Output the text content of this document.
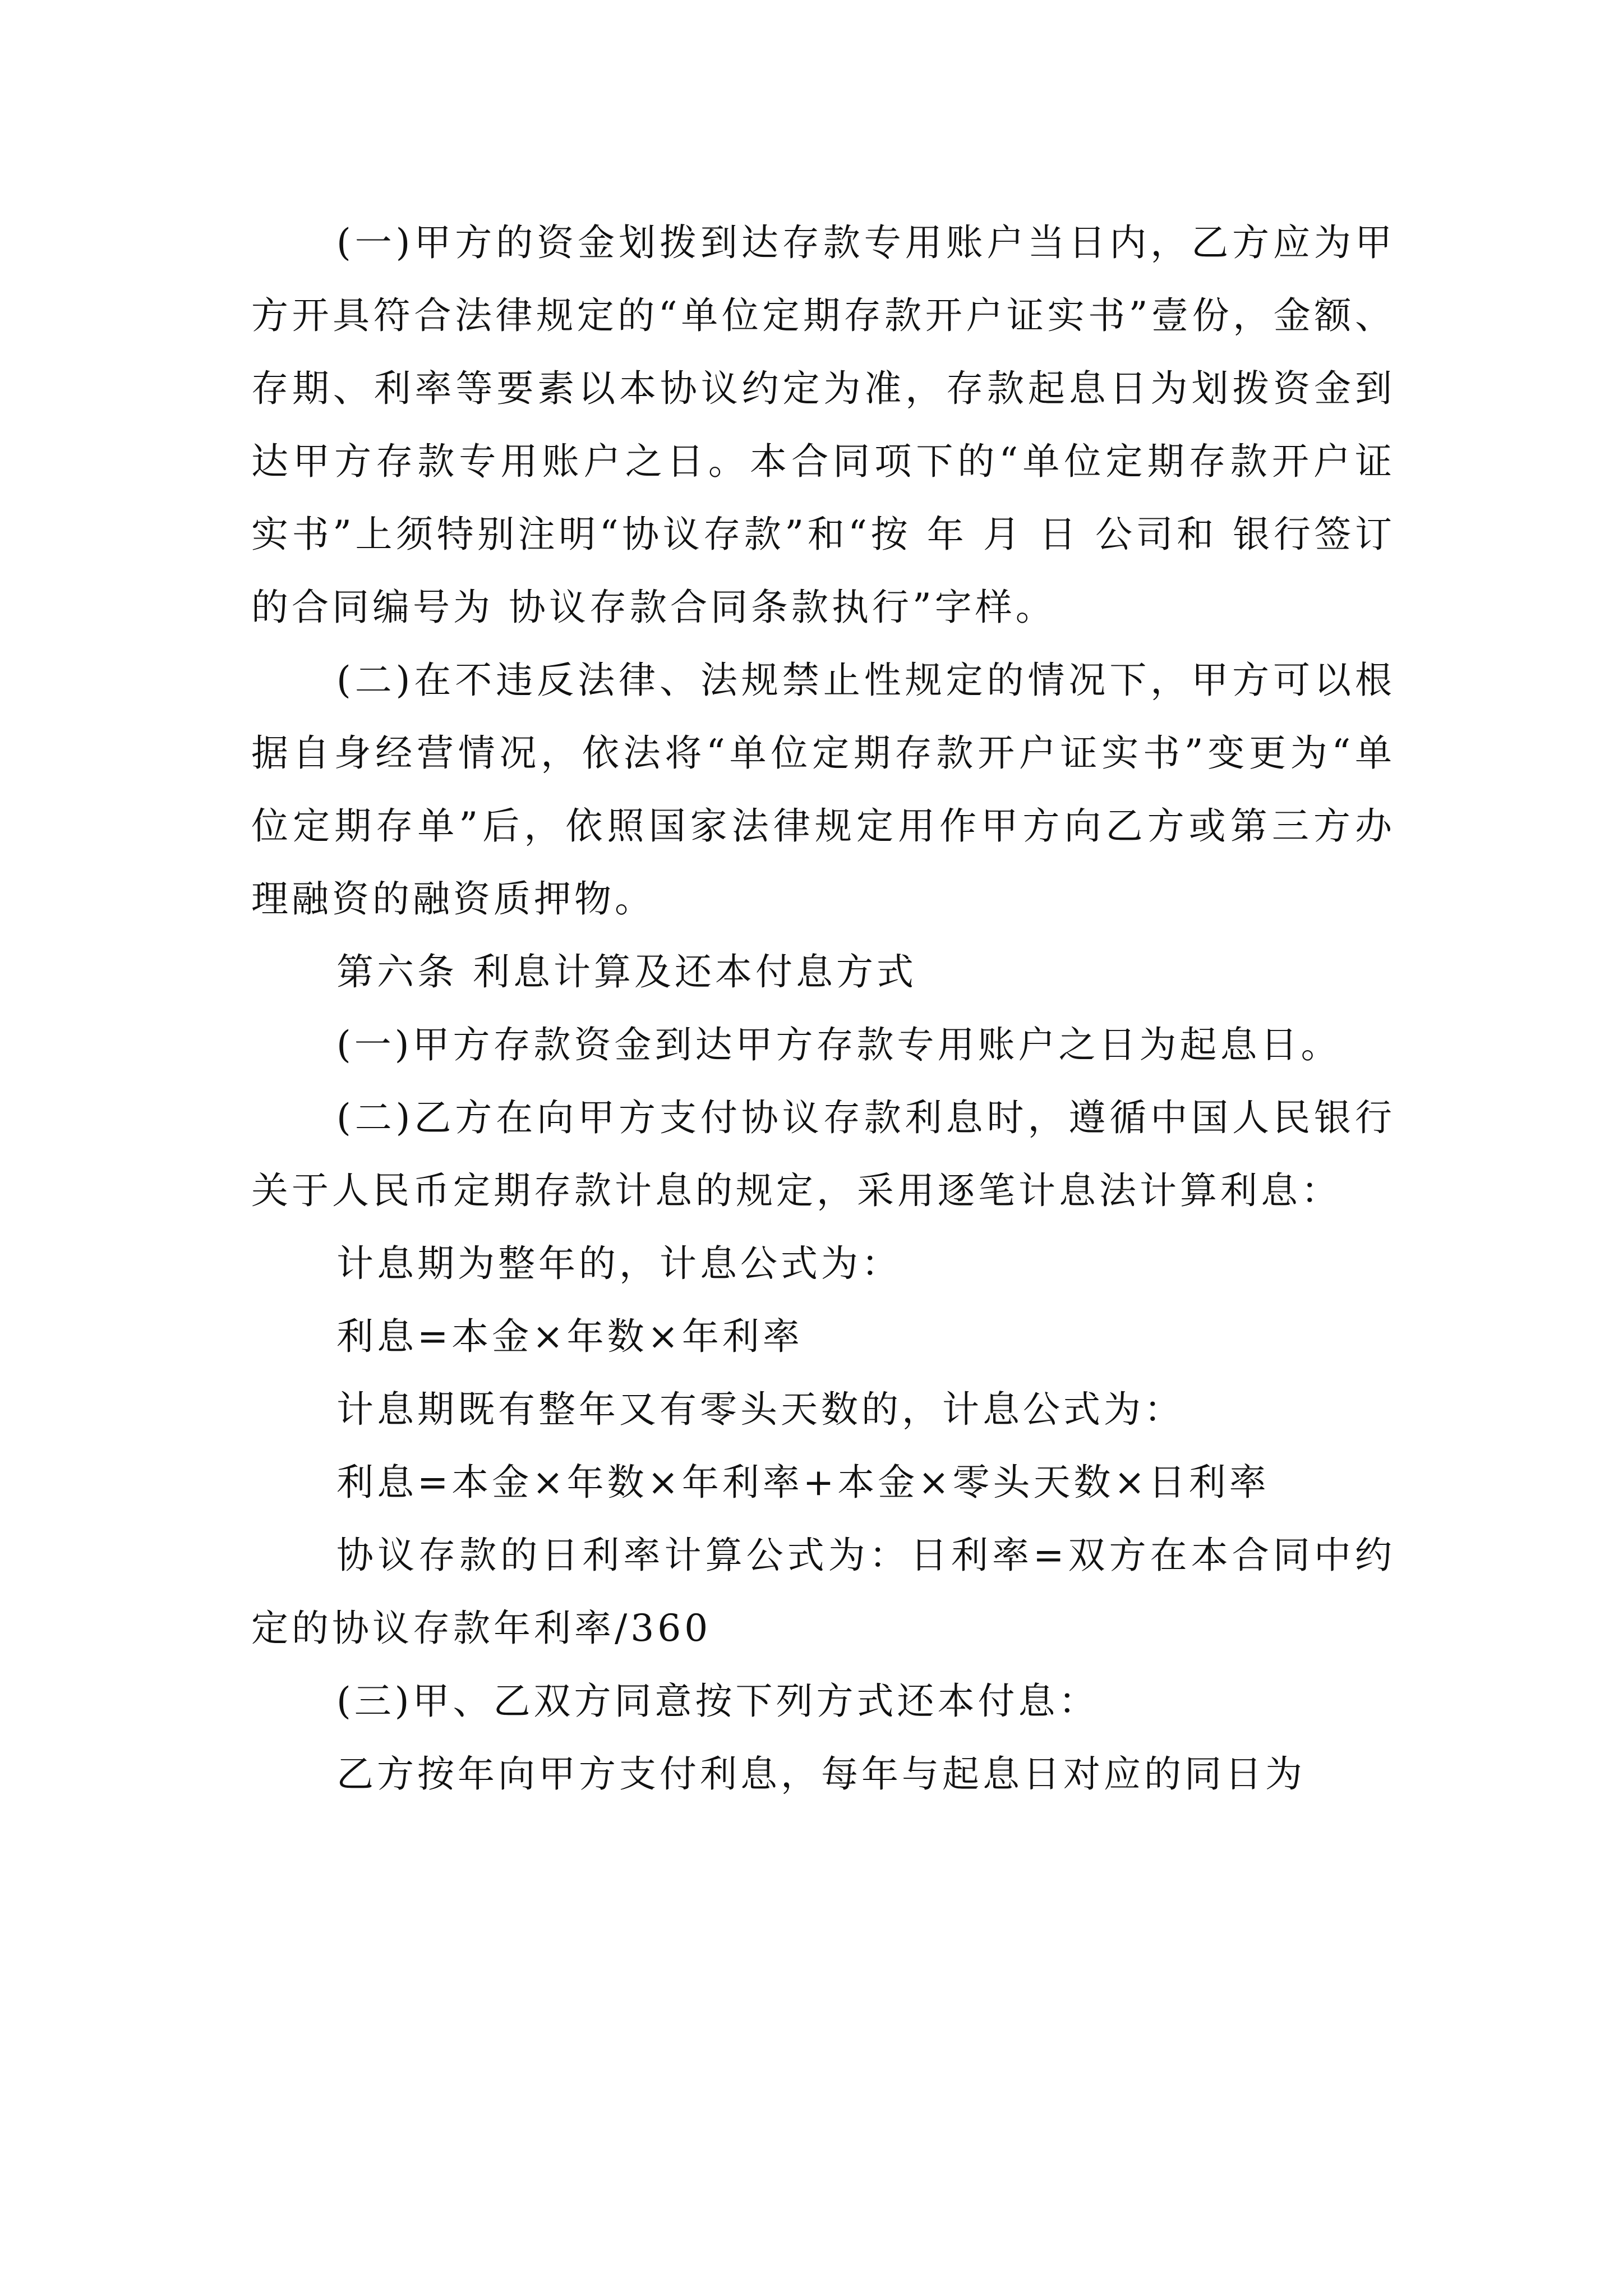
(一)甲方的资金划拨到达存款专用账户当日内，乙方应为甲方开具符合法律规定的“单位定期存款开户证实书”壹份，金额、存期、利率等要素以本协议约定为准，存款起息日为划拨资金到达甲方存款专用账户之日。本合同项下的“单位定期存款开户证实书”上须特别注明“协议存款”和“按 年 月 日 公司和 银行签订的合同编号为 协议存款合同条款执行”字样。

(二)在不违反法律、法规禁止性规定的情况下，甲方可以根据自身经营情况，依法将“单位定期存款开户证实书”变更为“单位定期存单”后，依照国家法律规定用作甲方向乙方或第三方办理融资的融资质押物。

第六条 利息计算及还本付息方式

(一)甲方存款资金到达甲方存款专用账户之日为起息日。

(二)乙方在向甲方支付协议存款利息时，遵循中国人民银行关于人民币定期存款计息的规定，采用逐笔计息法计算利息：

计息期为整年的，计息公式为：

利息=本金×年数×年利率

计息期既有整年又有零头天数的，计息公式为：

利息=本金×年数×年利率+本金×零头天数×日利率

协议存款的日利率计算公式为：日利率=双方在本合同中约定的协议存款年利率/360

(三)甲、乙双方同意按下列方式还本付息：

乙方按年向甲方支付利息，每年与起息日对应的同日为
